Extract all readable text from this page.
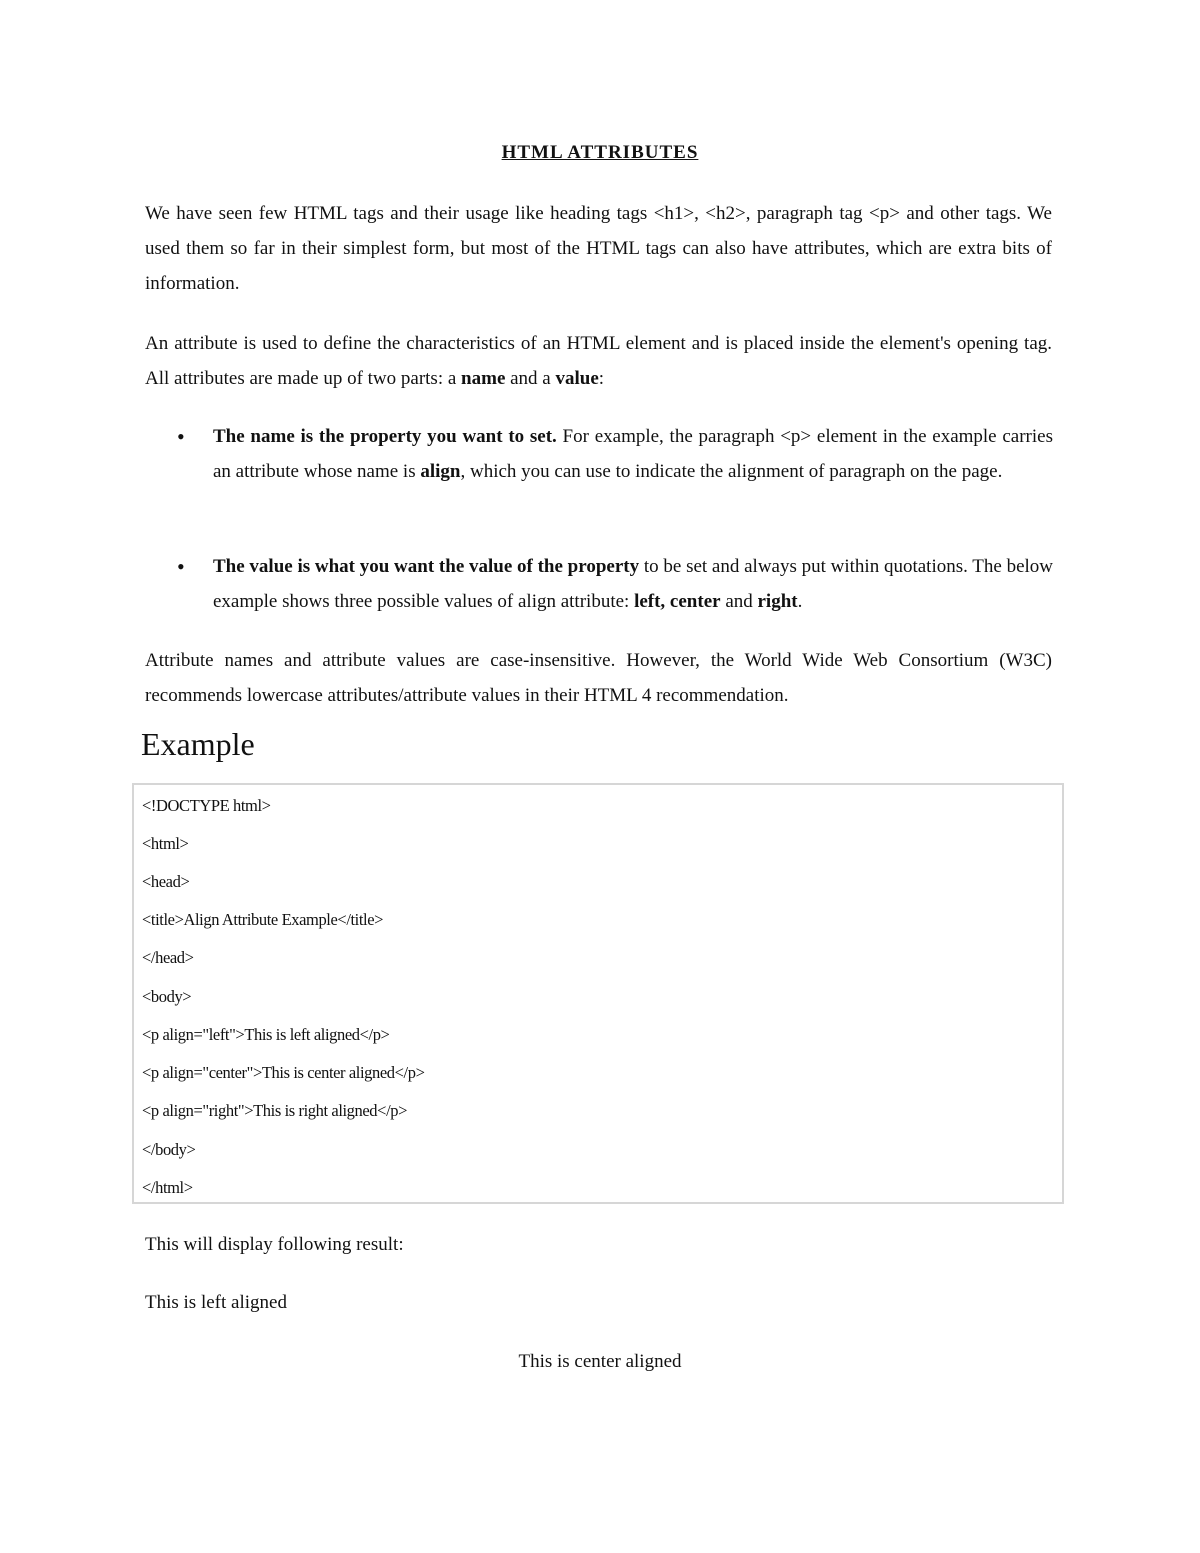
HTML ATTRIBUTES

We have seen few HTML tags and their usage like heading tags <h1>, <h2>, paragraph tag <p> and other tags. We used them so far in their simplest form, but most of the HTML tags can also have attributes, which are extra bits of information.

An attribute is used to define the characteristics of an HTML element and is placed inside the element's opening tag. All attributes are made up of two parts: a name and a value:

• The name is the property you want to set. For example, the paragraph <p> element in the example carries an attribute whose name is align, which you can use to indicate the alignment of paragraph on the page.

• The value is what you want the value of the property to be set and always put within quotations. The below example shows three possible values of align attribute: left, center and right.

Attribute names and attribute values are case-insensitive. However, the World Wide Web Consortium (W3C) recommends lowercase attributes/attribute values in their HTML 4 recommendation.

Example
<!DOCTYPE html>
<html>
<head>
<title>Align Attribute Example</title>
</head>
<body>
<p align="left">This is left aligned</p>
<p align="center">This is center aligned</p>
<p align="right">This is right aligned</p>
</body>
</html>

This will display following result:

This is left aligned

This is center aligned
